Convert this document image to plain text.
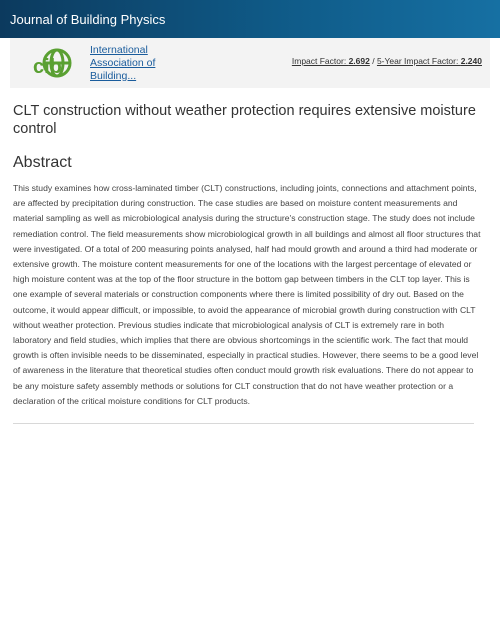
Journal of Building Physics
cib
International
Association of
Building...
Impact Factor: 2.692 / 5-Year Impact Factor: 2.240
CLT construction without weather protection requires extensive moisture control
Abstract
This study examines how cross-laminated timber (CLT) constructions, including joints, connections and attachment points, are affected by precipitation during construction. The case studies are based on moisture content measurements and material sampling as well as microbiological analysis during the structure's construction stage. The study does not include remediation control. The field measurements show microbiological growth in all buildings and almost all floor structures that were investigated. Of a total of 200 measuring points analysed, half had mould growth and around a third had moderate or extensive growth. The moisture content measurements for one of the locations with the largest percentage of elevated or high moisture content was at the top of the floor structure in the bottom gap between timbers in the CLT top layer. This is one example of several materials or construction components where there is limited possibility of dry out. Based on the outcome, it would appear difficult, or impossible, to avoid the appearance of microbial growth during construction with CLT without weather protection. Previous studies indicate that microbiological analysis of CLT is extremely rare in both laboratory and field studies, which implies that there are obvious shortcomings in the scientific work. The fact that mould growth is often invisible needs to be disseminated, especially in practical studies. However, there seems to be a good level of awareness in the literature that theoretical studies often conduct mould growth risk evaluations. There do not appear to be any moisture safety assembly methods or solutions for CLT construction that do not have weather protection or a declaration of the critical moisture conditions for CLT products.
